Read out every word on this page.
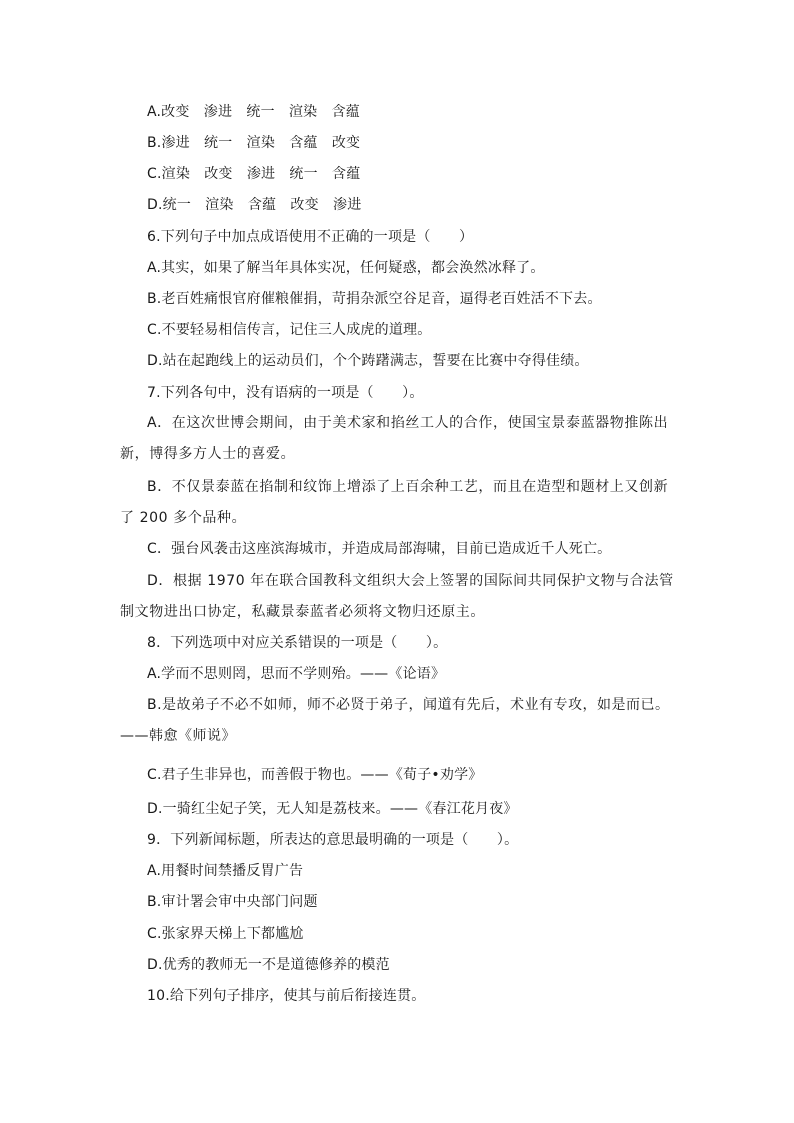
A.改变　渗进　统一　渲染　含蕴
B.渗进　统一　渲染　含蕴　改变
C.渲染　改变　渗进　统一　含蕴
D.统一　渲染　含蕴　改变　渗进
6.下列句子中加点成语使用不正确的一项是（　　）
A.其实，如果了解当年具体实况，任何疑惑，都会涣然冰释了。
B.老百姓痛恨官府催粮催捐，苛捐杂派空谷足音，逼得老百姓活不下去。
C.不要轻易相信传言，记住三人成虎的道理。
D.站在起跑线上的运动员们，个个踌躇满志，誓要在比赛中夺得佳绩。
7.下列各句中，没有语病的一项是（　　）。
A．在这次世博会期间，由于美术家和掐丝工人的合作，使国宝景泰蓝器物推陈出新，博得多方人士的喜爱。
B．不仅景泰蓝在掐制和纹饰上增添了上百余种工艺，而且在造型和题材上又创新了 200 多个品种。
C．强台风袭击这座滨海城市，并造成局部海啸，目前已造成近千人死亡。
D．根据 1970 年在联合国教科文组织大会上签署的国际间共同保护文物与合法管制文物进出口协定，私藏景泰蓝者必须将文物归还原主。
8．下列选项中对应关系错误的一项是（　　）。
A.学而不思则罔，思而不学则殆。——《论语》
B.是故弟子不必不如师，师不必贤于弟子，闻道有先后，术业有专攻，如是而已。——韩愈《师说》
C.君子生非异也，而善假于物也。——《荀子•劝学》
D.一骑红尘妃子笑，无人知是荔枝来。——《春江花月夜》
9．下列新闻标题，所表达的意思最明确的一项是（　　）。
A.用餐时间禁播反胃广告
B.审计署会审中央部门问题
C.张家界天梯上下都尴尬
D.优秀的教师无一不是道德修养的模范
10.给下列句子排序，使其与前后衔接连贯。
